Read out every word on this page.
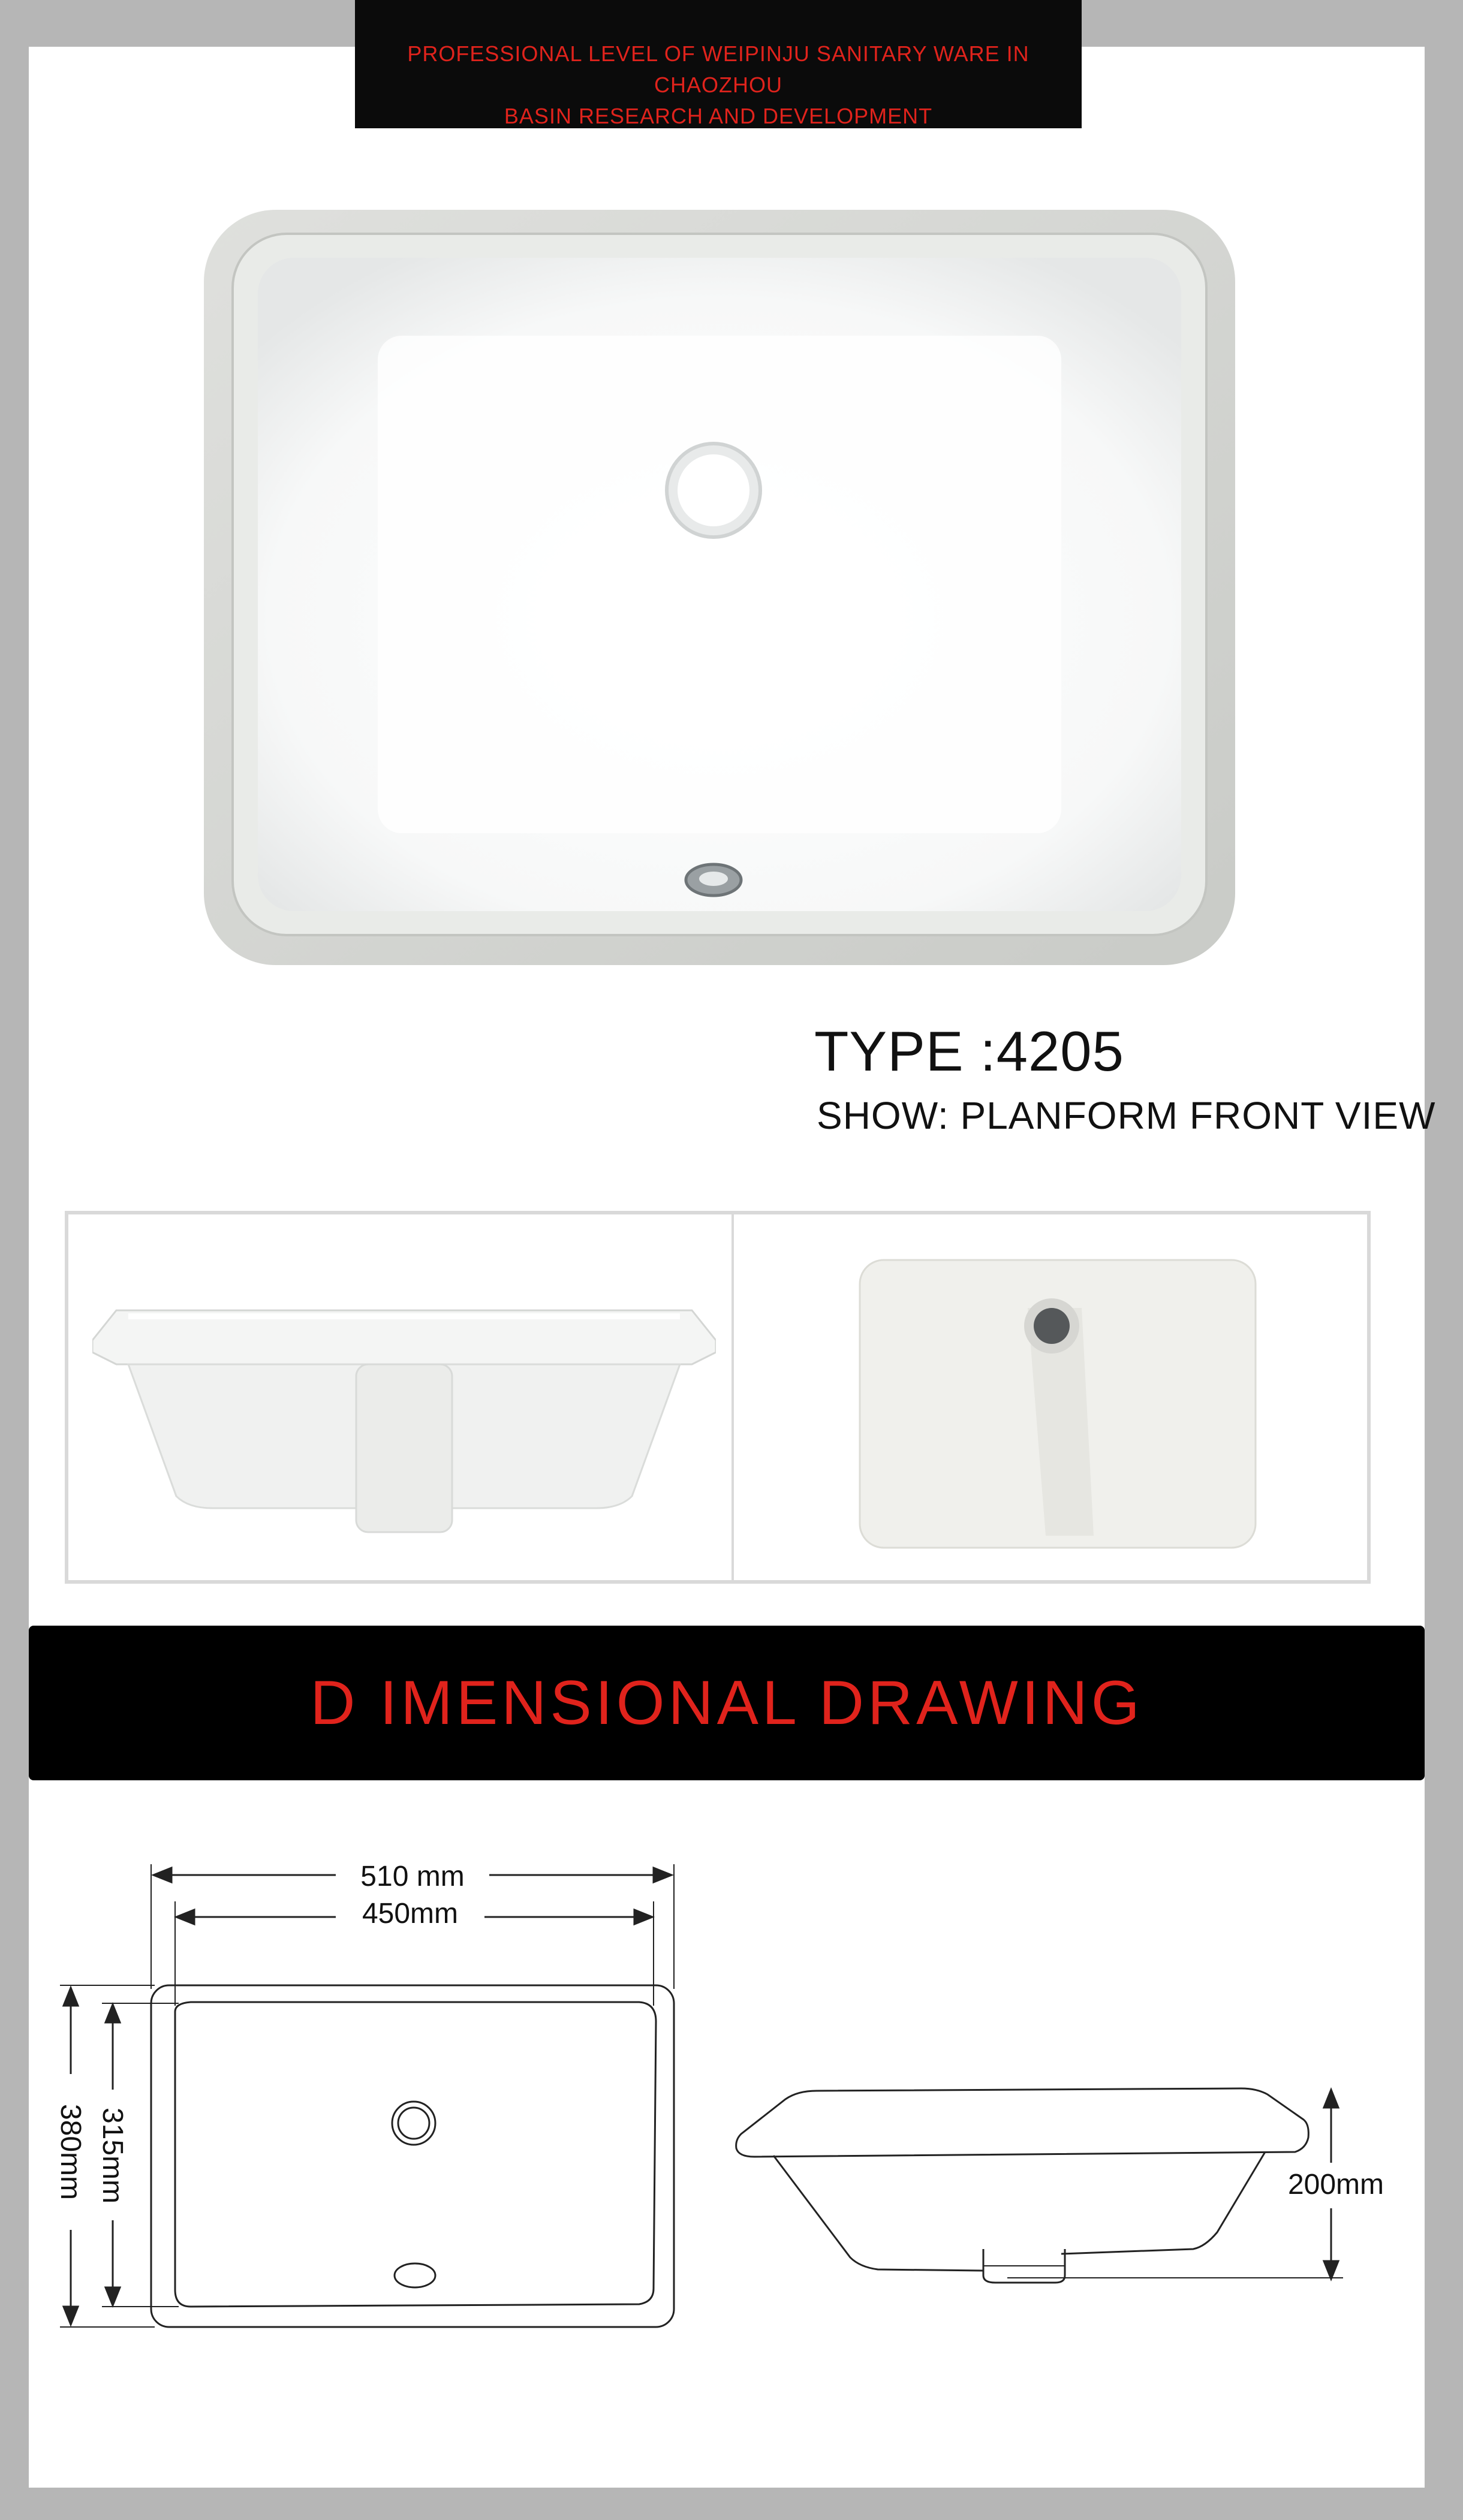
PROFESSIONAL LEVEL OF WEIPINJU SANITARY WARE IN CHAOZHOU
BASIN RESEARCH AND DEVELOPMENT
TYPE :4205
SHOW: PLANFORM FRONT VIEW
D IMENSIONAL DRAWING
510 mm
450mm
200mm
380mm 315mm
